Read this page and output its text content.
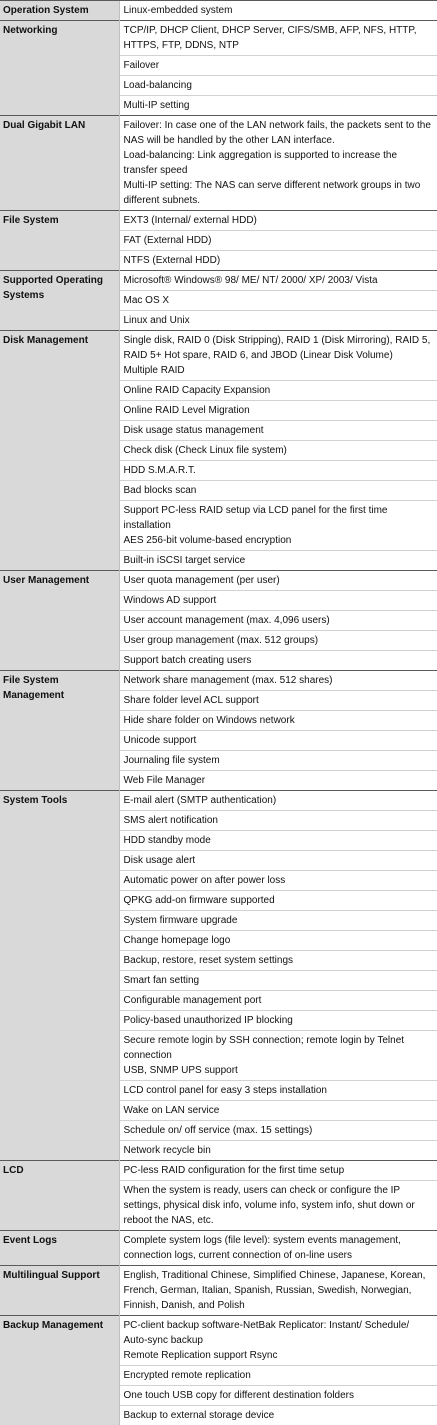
Operation System	Linux-embedded system
Networking	TCP/IP, DHCP Client, DHCP Server, CIFS/SMB, AFP, NFS, HTTP, HTTPS, FTP, DDNS, NTP
	Failover
	Load-balancing
	Multi-IP setting
Dual Gigabit LAN	Failover: In case one of the LAN network fails, the packets sent to the NAS will be handled by the other LAN interface.
Load-balancing: Link aggregation is supported to increase the transfer speed
Multi-IP setting: The NAS can serve different network groups in two different subnets.
File System	EXT3 (Internal/ external HDD)
	FAT (External HDD)
	NTFS (External HDD)
Supported Operating Systems	Microsoft® Windows® 98/ ME/ NT/ 2000/ XP/ 2003/ Vista
	Mac OS X
	Linux and Unix
Disk Management	Single disk, RAID 0 (Disk Stripping), RAID 1 (Disk Mirroring), RAID 5, RAID 5+ Hot spare, RAID 6, and JBOD (Linear Disk Volume)
Multiple RAID
	Online RAID Capacity Expansion
	Online RAID Level Migration
	Disk usage status management
	Check disk (Check Linux file system)
	HDD S.M.A.R.T.
	Bad blocks scan
	Support PC-less RAID setup via LCD panel for the first time installation
AES 256-bit volume-based encryption
	Built-in iSCSI target service
User Management	User quota management (per user)
	Windows AD support
	User account management (max. 4,096 users)
	User group management (max. 512 groups)
	Support batch creating users
File System Management	Network share management (max. 512 shares)
	Share folder level ACL support
	Hide share folder on Windows network
	Unicode support
	Journaling file system
	Web File Manager
System Tools	E-mail alert (SMTP authentication)
	SMS alert notification
	HDD standby mode
	Disk usage alert
	Automatic power on after power loss
	QPKG add-on firmware supported
	System firmware upgrade
	Change homepage logo
	Backup, restore, reset system settings
	Smart fan setting
	Configurable management port
	Policy-based unauthorized IP blocking
	Secure remote login by SSH connection; remote login by Telnet connection
USB, SNMP UPS support
	LCD control panel for easy 3 steps installation
	Wake on LAN service
	Schedule on/ off service (max. 15 settings)
	Network recycle bin
LCD	PC-less RAID configuration for the first time setup
	When the system is ready, users can check or configure the IP settings, physical disk info, volume info, system info, shut down or reboot the NAS, etc.
Event Logs	Complete system logs (file level): system events management, connection logs, current connection of on-line users
Multilingual Support	English, Traditional Chinese, Simplified Chinese, Japanese, Korean, French, German, Italian, Spanish, Russian, Swedish, Norwegian, Finnish, Danish, and Polish
Backup Management	PC-client backup software-NetBak Replicator: Instant/ Schedule/ Auto-sync backup
Remote Replication support Rsync
	Encrypted remote replication
	One touch USB copy for different destination folders
	Backup to external storage device
